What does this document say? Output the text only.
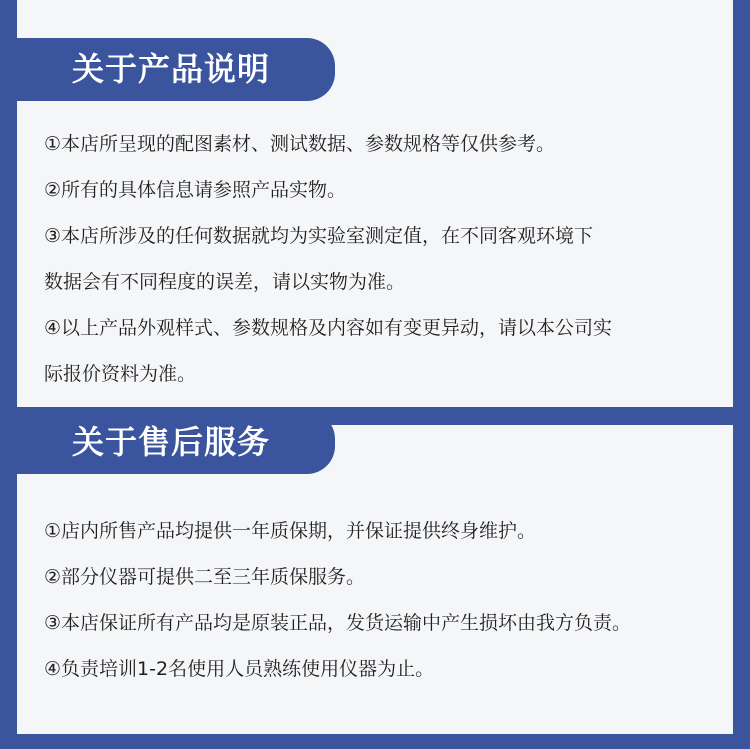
关于产品说明
①本店所呈现的配图素材、测试数据、参数规格等仅供参考。
②所有的具体信息请参照产品实物。
③本店所涉及的任何数据就均为实验室测定值，在不同客观环境下
数据会有不同程度的误差，请以实物为准。
④以上产品外观样式、参数规格及内容如有变更异动，请以本公司实
际报价资料为准。
关于售后服务
①店内所售产品均提供一年质保期，并保证提供终身维护。
②部分仪器可提供二至三年质保服务。
③本店保证所有产品均是原装正品，发货运输中产生损坏由我方负责。
④负责培训1-2名使用人员熟练使用仪器为止。
